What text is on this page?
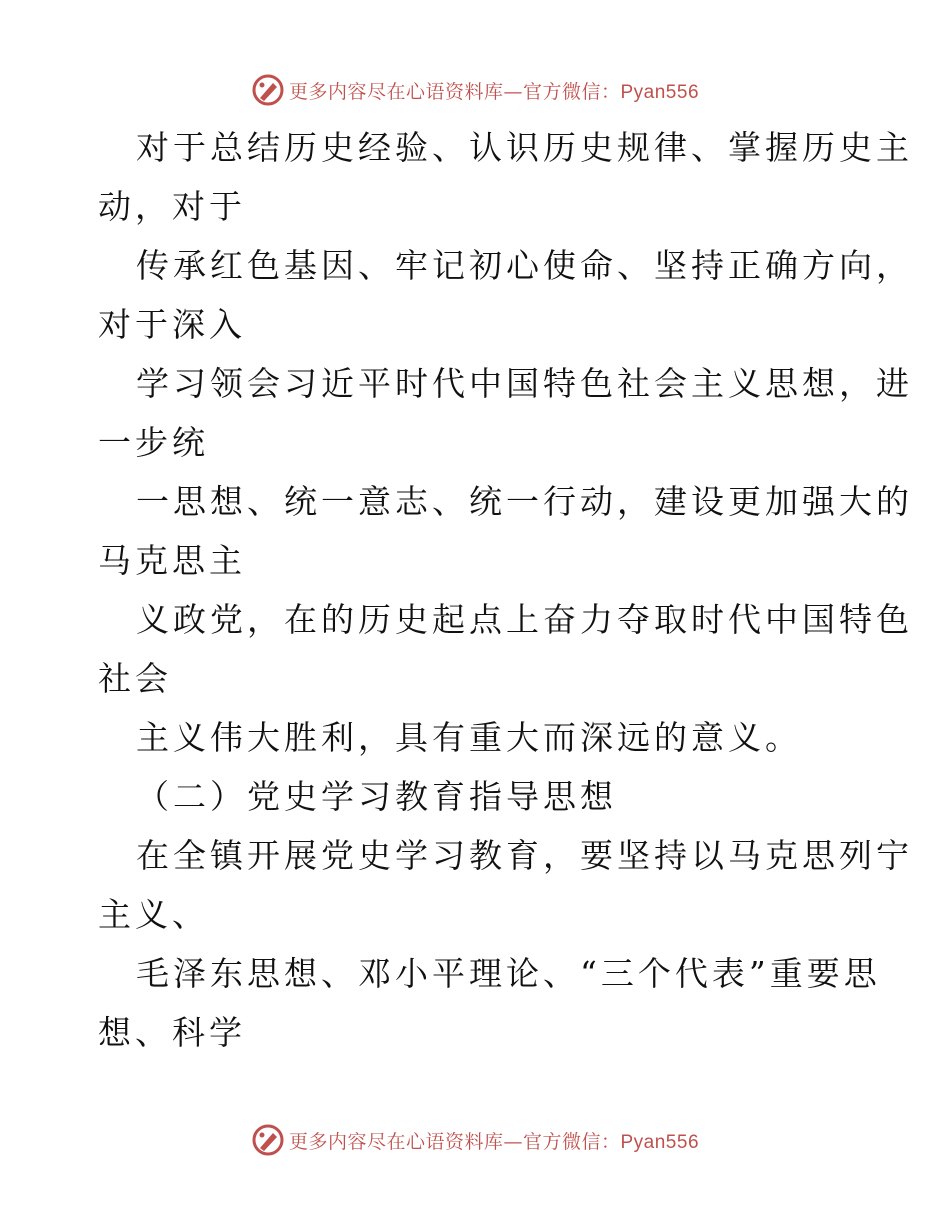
更多内容尽在心语资料库—官方微信：Pyan556
对于总结历史经验、认识历史规律、掌握历史主
动，对于
传承红色基因、牢记初心使命、坚持正确方向，
对于深入
学习领会习近平时代中国特色社会主义思想，进
一步统
一思想、统一意志、统一行动，建设更加强大的
马克思主
义政党，在的历史起点上奋力夺取时代中国特色
社会
主义伟大胜利，具有重大而深远的意义。
（二）党史学习教育指导思想
在全镇开展党史学习教育，要坚持以马克思列宁
主义、
毛泽东思想、邓小平理论、“三个代表”重要思
想、科学
更多内容尽在心语资料库—官方微信：Pyan556
